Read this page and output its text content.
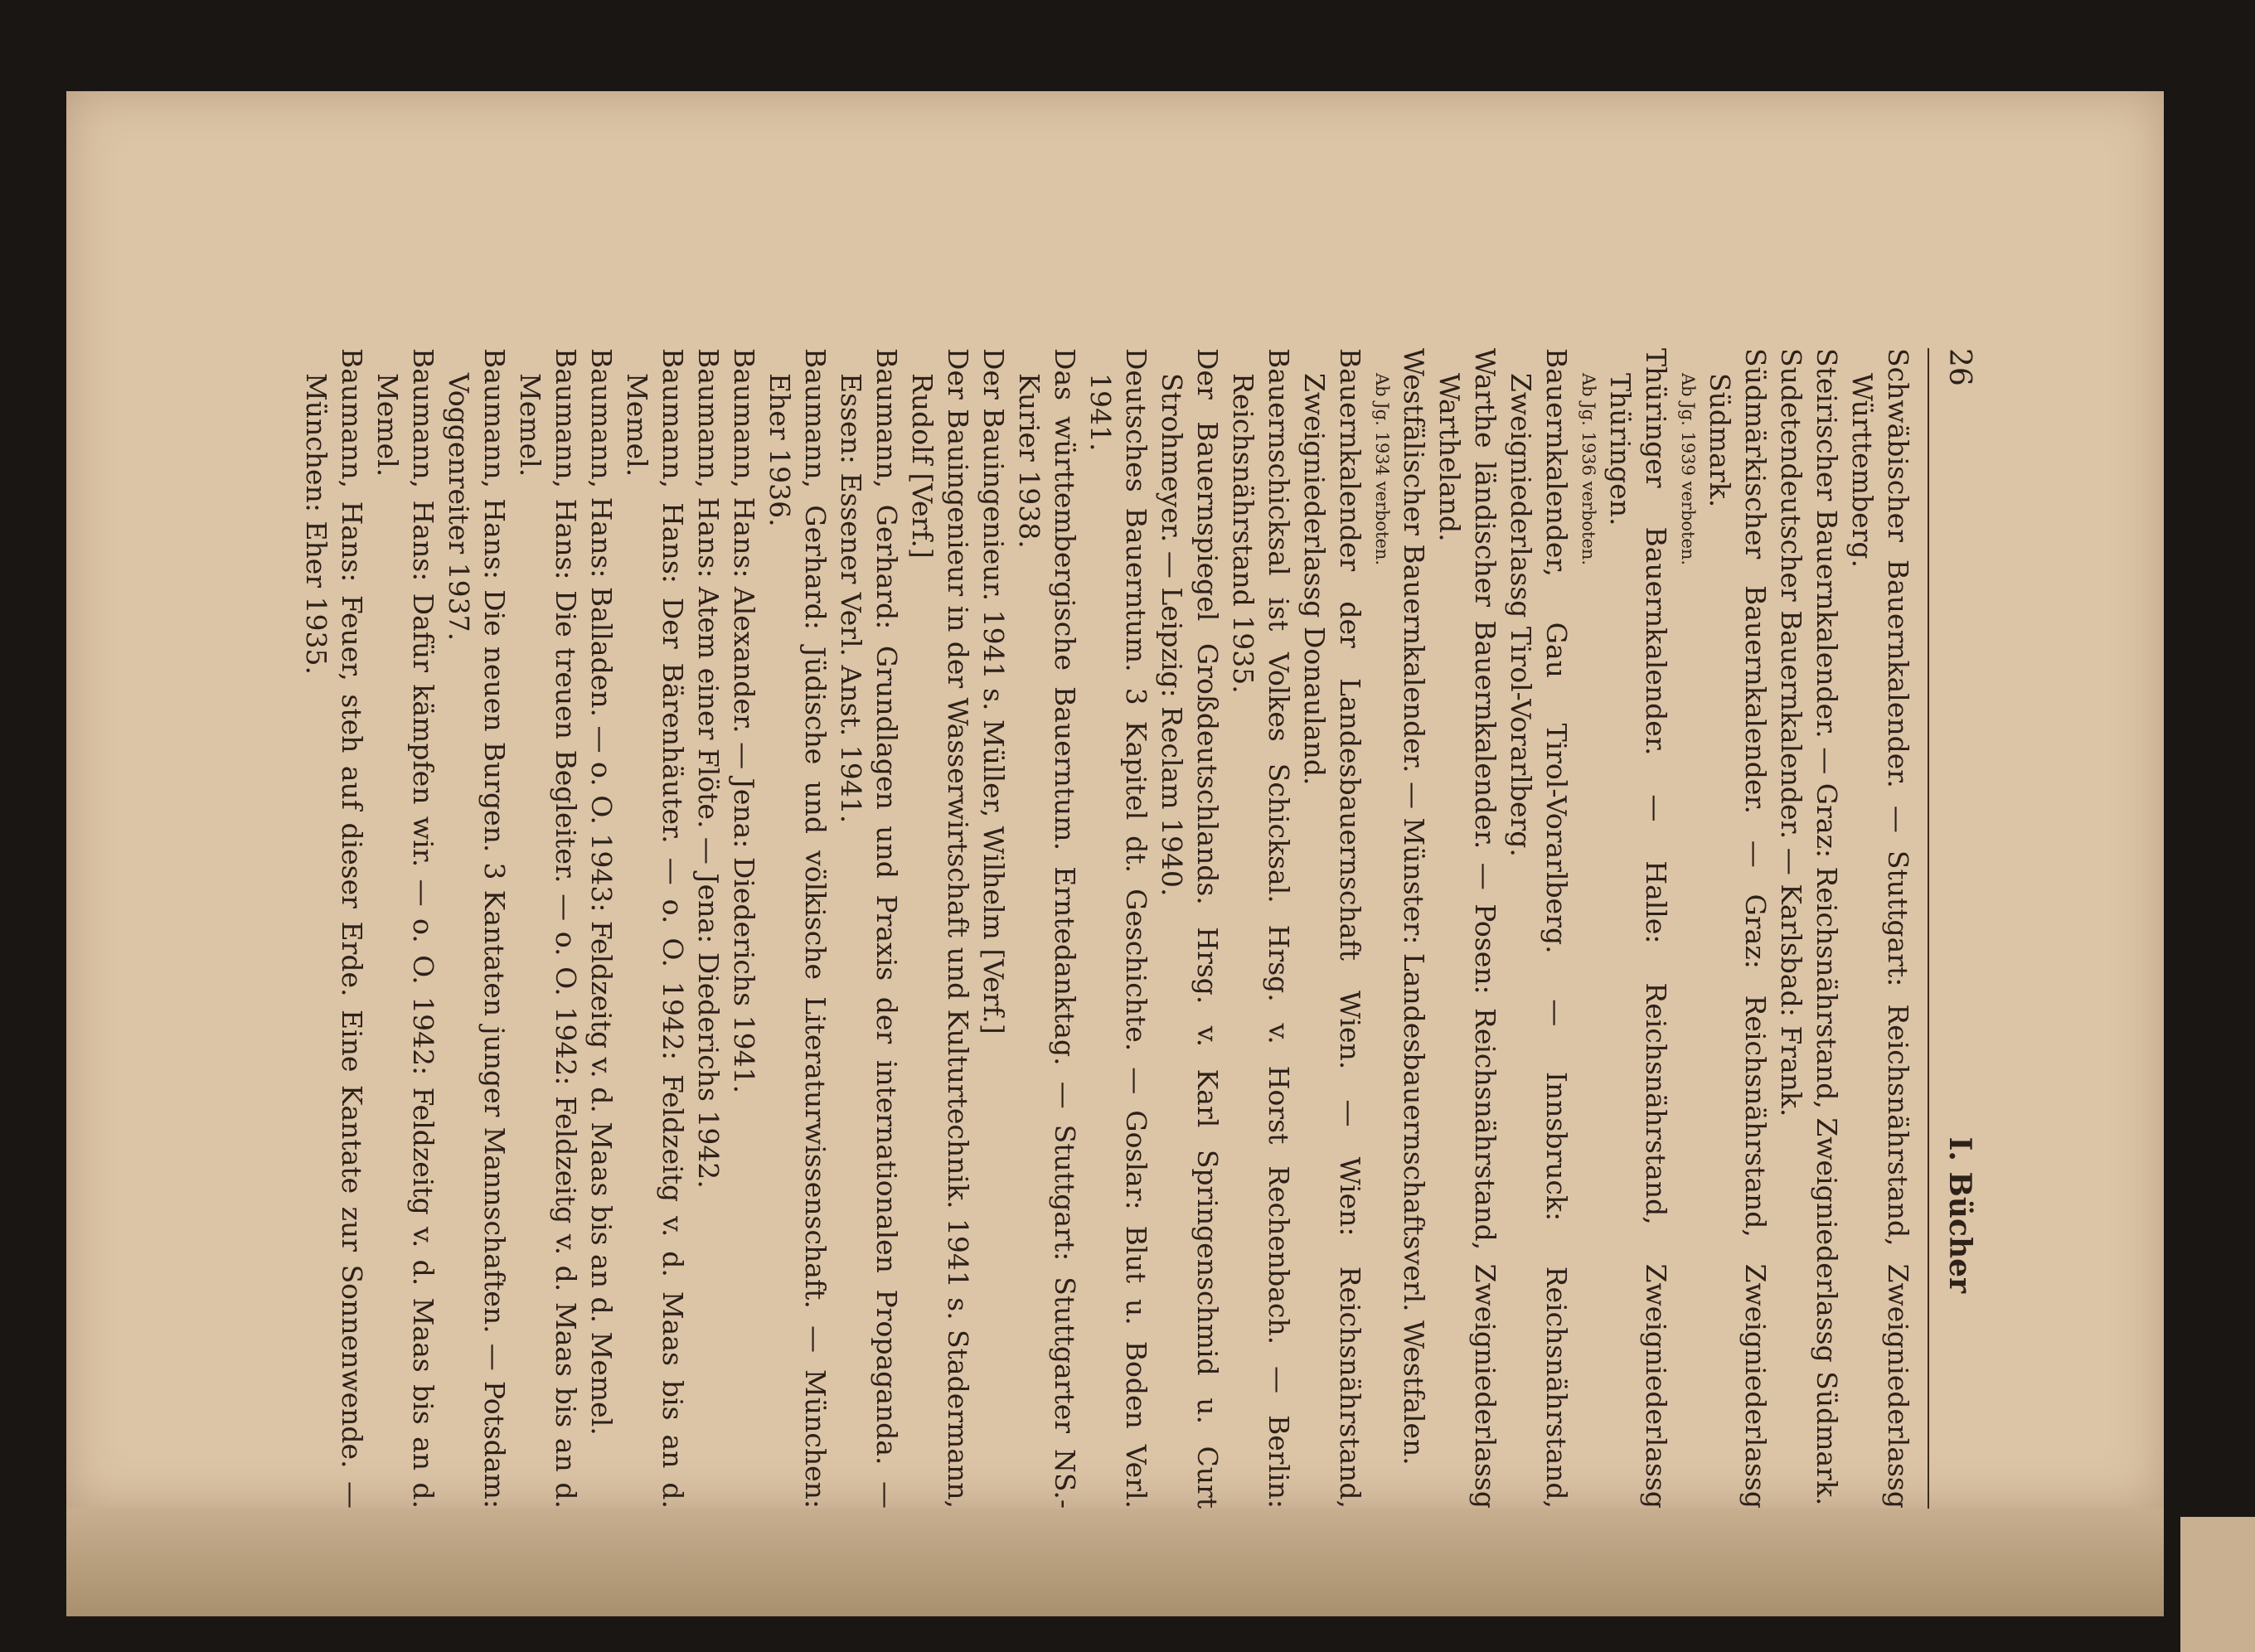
26
I. Bücher
Schwäbischer Bauernkalender. — Stuttgart: Reichsnährstand, Zweigniederlassg Württemberg.
Steirischer Bauernkalender. — Graz: Reichsnährstand, Zweigniederlassg Südmark.
Sudetendeutscher Bauernkalender. — Karlsbad: Frank.
Südmärkischer Bauernkalender. — Graz: Reichsnährstand, Zweigniederlassg Südmark.
Ab Jg. 1939 verboten.
Thüringer Bauernkalender. — Halle: Reichsnährstand, Zweigniederlassg Thüringen.
Ab Jg. 1936 verboten.
Bauernkalender, Gau Tirol-Vorarlberg. — Innsbruck: Reichsnährstand, Zweigniederlassg Tirol-Vorarlberg.
Warthe ländischer Bauernkalender. — Posen: Reichsnährstand, Zweigniederlassg Wartheland.
Westfälischer Bauernkalender. — Münster: Landesbauernschaftsverl. Westfalen.
Ab Jg. 1934 verboten.
Bauernkalender der Landesbauernschaft Wien. — Wien: Reichsnährstand, Zweigniederlassg Donauland.
Bauernschicksal ist Volkes Schicksal. Hrsg. v. Horst Rechenbach. — Berlin: Reichsnährstand 1935.
Der Bauernspiegel Großdeutschlands. Hrsg. v. Karl Springenschmid u. Curt Strohmeyer. — Leipzig: Reclam 1940.
Deutsches Bauerntum. 3 Kapitel dt. Geschichte. — Goslar: Blut u. Boden Verl. 1941.
Das württembergische Bauerntum. Erntedanktag. — Stuttgart: Stuttgarter NS.-Kurier 1938.
Der Bauingenieur. 1941 s. Müller, Wilhelm [Verf.]
Der Bauingenieur in der Wasserwirtschaft und Kulturtechnik. 1941 s. Stadermann, Rudolf [Verf.]
Baumann, Gerhard: Grundlagen und Praxis der internationalen Propaganda. — Essen: Essener Verl. Anst. 1941.
Baumann, Gerhard: Jüdische und völkische Literaturwissenschaft. — München: Eher 1936.
Baumann, Hans: Alexander. — Jena: Diederichs 1941.
Baumann, Hans: Atem einer Flöte. — Jena: Diederichs 1942.
Baumann, Hans: Der Bärenhäuter. — o. O. 1942: Feldzeitg v. d. Maas bis an d. Memel.
Baumann, Hans: Balladen. — o. O. 1943: Feldzeitg v. d. Maas bis an d. Memel.
Baumann, Hans: Die treuen Begleiter. — o. O. 1942: Feldzeitg v. d. Maas bis an d. Memel.
Baumann, Hans: Die neuen Burgen. 3 Kantaten junger Mannschaften. — Potsdam: Voggenreiter 1937.
Baumann, Hans: Dafür kämpfen wir. — o. O. 1942: Feldzeitg v. d. Maas bis an d. Memel.
Baumann, Hans: Feuer, steh auf dieser Erde. Eine Kantate zur Sonnenwende. — München: Eher 1935.
